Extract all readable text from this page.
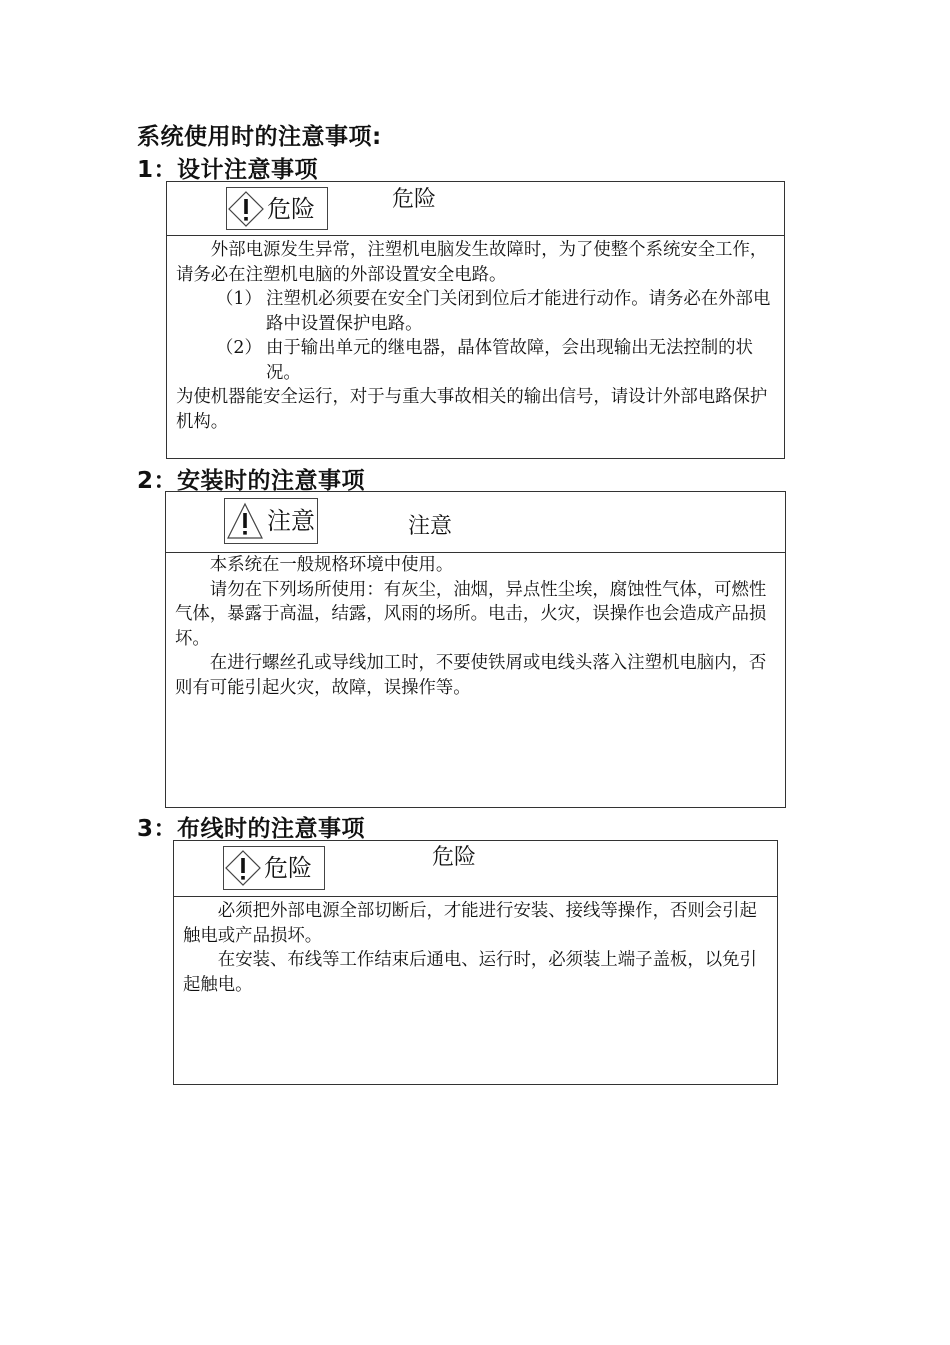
系统使用时的注意事项:
1：设计注意事项
危险	危险

外部电源发生异常，注塑机电脑发生故障时，为了使整个系统安全工作，请务必在注塑机电脑的外部设置安全电路。

（1） 注塑机必须要在安全门关闭到位后才能进行动作。请务必在外部电路中设置保护电路。
（2） 由于输出单元的继电器，晶体管故障，会出现输出无法控制的状况。

为使机器能安全运行，对于与重大事故相关的输出信号，请设计外部电路保护机构。

2：安装时的注意事项
注意	注意

本系统在一般规格环境中使用。

请勿在下列场所使用：有灰尘，油烟，异点性尘埃，腐蚀性气体，可燃性气体，暴露于高温，结露，风雨的场所。电击，火灾，误操作也会造成产品损坏。

在进行螺丝孔或导线加工时，不要使铁屑或电线头落入注塑机电脑内，否则有可能引起火灾，故障，误操作等。

3：布线时的注意事项
危险	危险

必须把外部电源全部切断后，才能进行安装、接线等操作，否则会引起触电或产品损坏。

在安装、布线等工作结束后通电、运行时，必须装上端子盖板，以免引起触电。
